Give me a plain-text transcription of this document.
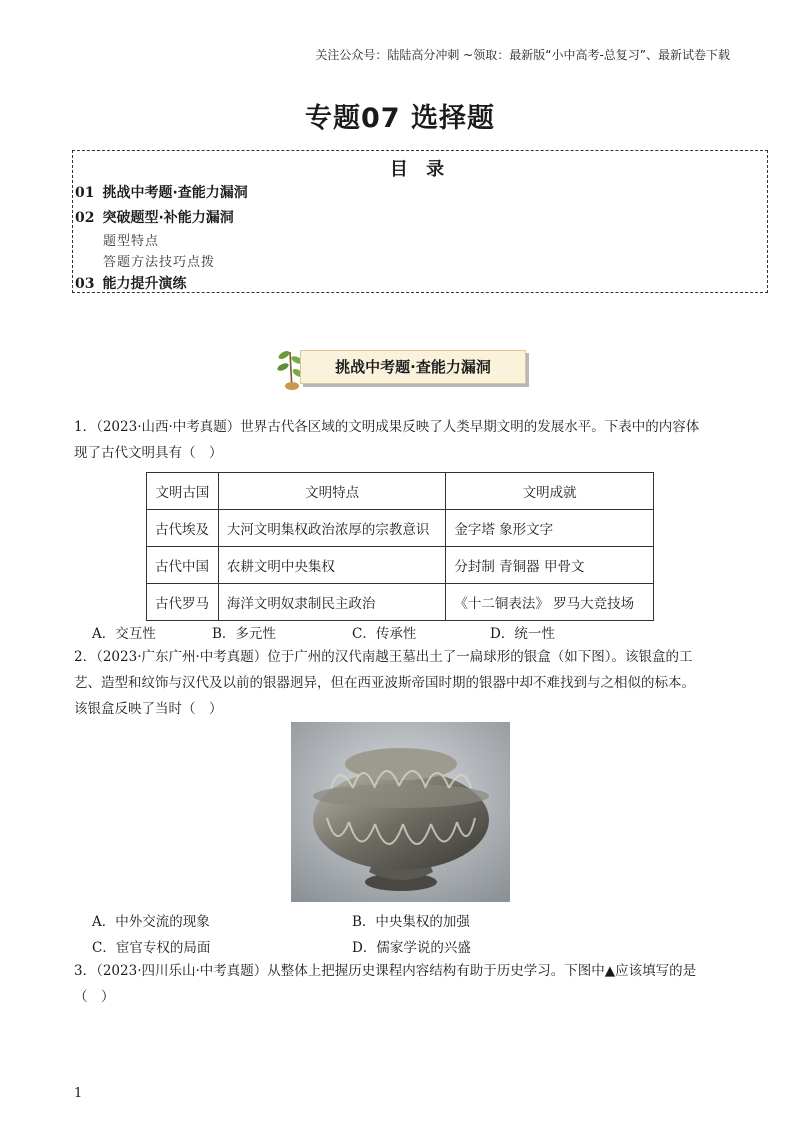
关注公众号：陆陆高分冲刺 ~领取：最新版“小中高考-总复习”、最新试卷下载
专题07 选择题
目 录
01 挑战中考题·查能力漏洞
02 突破题型·补能力漏洞
题型特点
答题方法技巧点拨
03 能力提升演练
挑战中考题·查能力漏洞
1．（2023·山西·中考真题）世界古代各区域的文明成果反映了人类早期文明的发展水平。下表中的内容体
现了古代文明具有（　）
文明古国	文明特点	文明成就
古代埃及	大河文明集权政治浓厚的宗教意识	金字塔 象形文字
古代中国	农耕文明中央集权	分封制 青铜器 甲骨文
古代罗马	海洋文明奴隶制民主政治	《十二铜表法》 罗马大竞技场
A．交互性	B．多元性	C．传承性	D．统一性
2．（2023·广东广州·中考真题）位于广州的汉代南越王墓出土了一扁球形的银盒（如下图）。该银盒的工
艺、造型和纹饰与汉代及以前的银器迥异，但在西亚波斯帝国时期的银器中却不难找到与之相似的标本。
该银盒反映了当时（　）
A．中外交流的现象	B．中央集权的加强
C．宦官专权的局面	D．儒家学说的兴盛
3．（2023·四川乐山·中考真题）从整体上把握历史课程内容结构有助于历史学习。下图中▲应该填写的是
（　）
1
